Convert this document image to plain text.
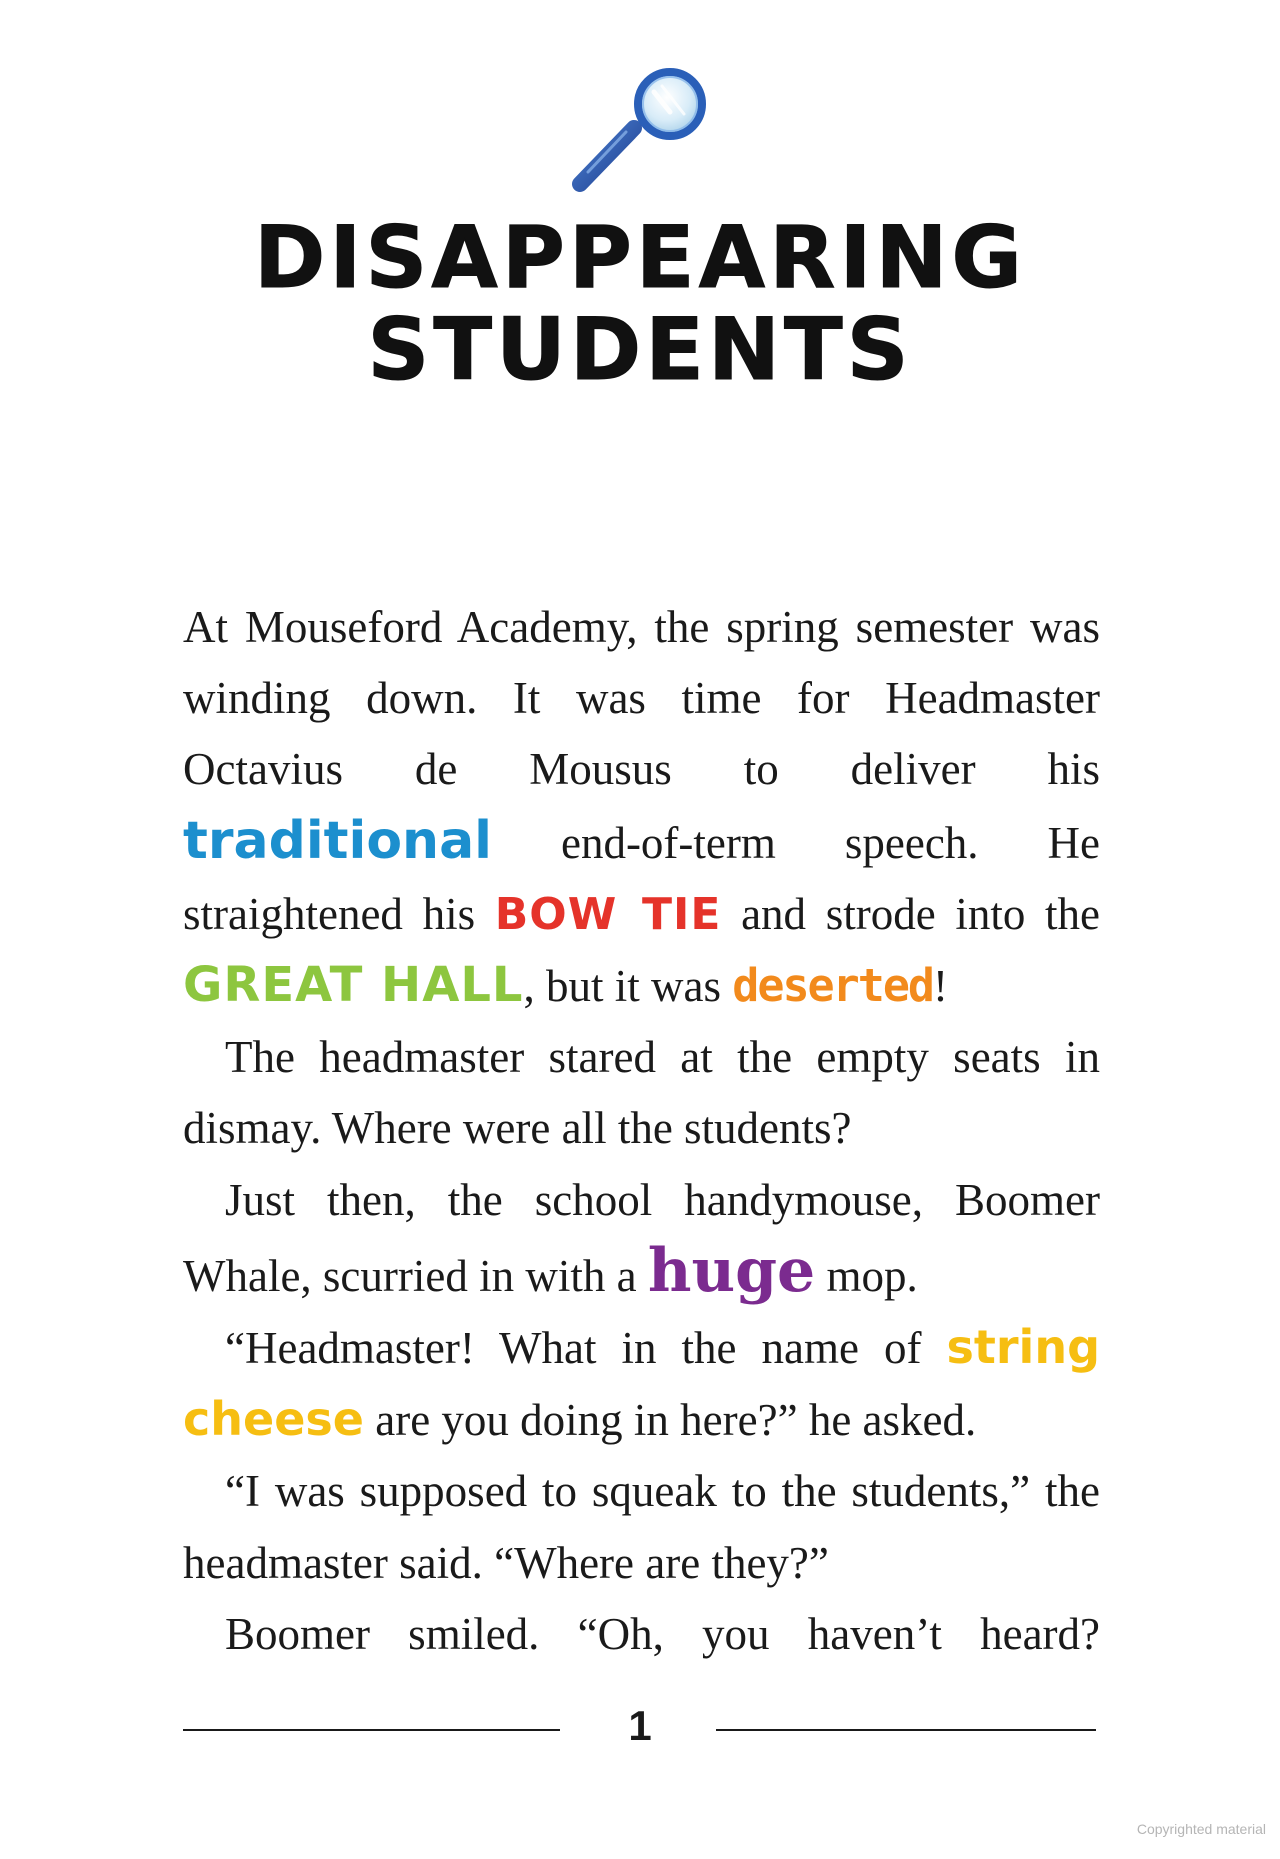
DISAPPEARING
STUDENTS

At Mouseford Academy, the spring semester was winding down. It was time for Headmaster Octavius de Mousus to deliver his traditional end-of-term speech. He straightened his BOW TIE and strode into the GREAT HALL, but it was deserted!

The headmaster stared at the empty seats in dismay. Where were all the students?

Just then, the school handymouse, Boomer Whale, scurried in with a huge mop.

“Headmaster! What in the name of string cheese are you doing in here?” he asked.

“I was supposed to squeak to the students,” the headmaster said. “Where are they?”

Boomer smiled. “Oh, you haven’t heard?

1
Copyrighted material
